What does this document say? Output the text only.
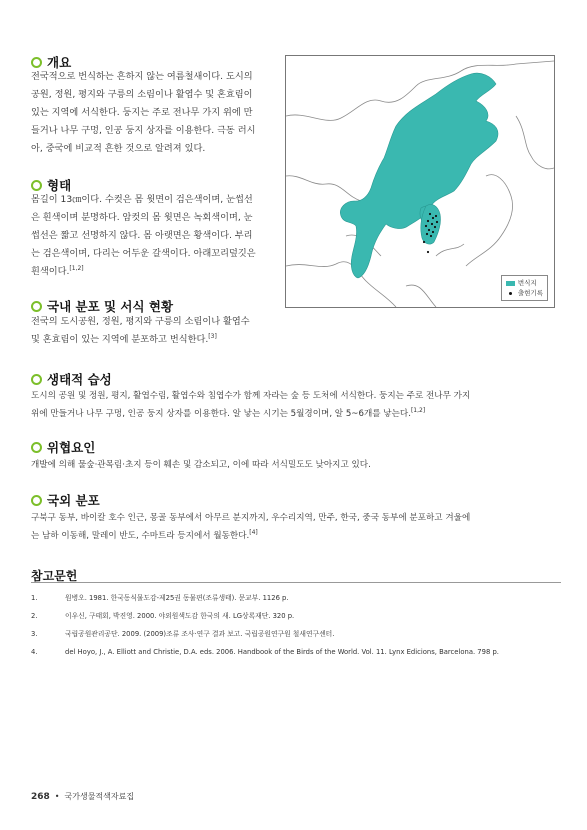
개요

전국적으로 번식하는 흔하지 않는 여름철새이다. 도시의

공원, 정원, 평지와 구릉의 소림이나 활엽수 및 혼효림이

있는 지역에 서식한다. 둥지는 주로 전나무 가지 위에 만

들거나 나무 구멍, 인공 둥지 상자를 이용한다. 극동 러시

아, 중국에 비교적 흔한 것으로 알려져 있다.

형태

몸길이 13㎝이다. 수컷은 몸 윗면이 검은색이며, 눈썹선

은 흰색이며 분명하다. 암컷의 몸 윗면은 녹회색이며, 눈

썹선은 짧고 선명하지 않다. 몸 아랫면은 황색이다. 부리

는 검은색이며, 다리는 어두운 갈색이다. 아래꼬리덮깃은

흰색이다.[1,2]

국내 분포 및 서식 현황

전국의 도시공원, 정원, 평지와 구릉의 소림이나 활엽수

및 혼효림이 있는 지역에 분포하고 번식한다.[3]

번식지
출현기록
생태적 습성

도시의 공원 및 정원, 평지, 활엽수림, 활엽수와 침엽수가 함께 자라는 숲 등 도처에 서식한다. 둥지는 주로 전나무 가지

위에 만들거나 나무 구멍, 인공 둥지 상자를 이용한다. 알 낳는 시기는 5월경이며, 알 5~6개를 낳는다.[1,2]

위협요인

개발에 의해 물숲·관목림·초지 등이 훼손 및 감소되고, 이에 따라 서식밀도도 낮아지고 있다.

국외 분포

구북구 동부, 바이칼 호수 인근, 몽골 동부에서 아무르 분지까지, 우수리지역, 만주, 한국, 중국 동부에 분포하고 겨울에

는 남하 이동해, 말레이 반도, 수마트라 등지에서 월동한다.[4]

참고문헌
1.	원병오. 1981. 한국동식물도감-제25권 동물편(조류생태). 문교부. 1126 p.
2.	이우신, 구태회, 박진영. 2000. 야외원색도감 한국의 새. LG상록재단. 320 p.
3.	국립공원관리공단. 2009. (2009)조류 조사·연구 결과 보고. 국립공원연구원 철새연구센터.
4.	del Hoyo, J., A. Elliott and Christie, D.A. eds. 2006. Handbook of the Birds of the World. Vol. 11. Lynx Edicions, Barcelona. 798 p.
268 • 국가생물적색자료집
